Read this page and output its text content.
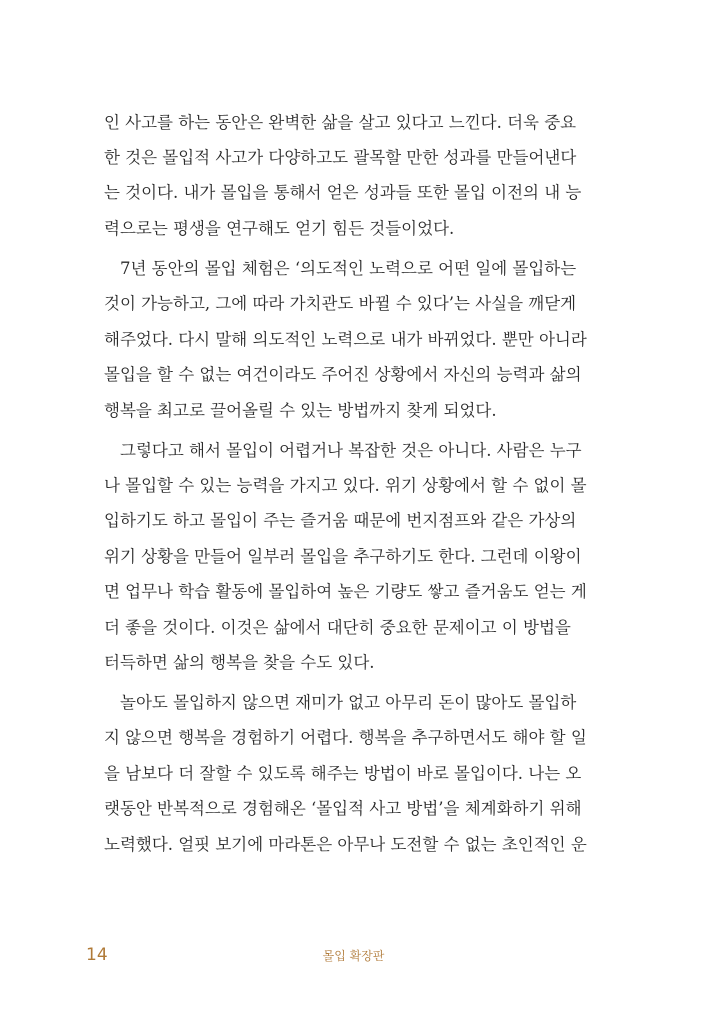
인 사고를 하는 동안은 완벽한 삶을 살고 있다고 느낀다. 더욱 중요
한 것은 몰입적 사고가 다양하고도 괄목할 만한 성과를 만들어낸다
는 것이다. 내가 몰입을 통해서 얻은 성과들 또한 몰입 이전의 내 능
력으로는 평생을 연구해도 얻기 힘든 것들이었다.
7년 동안의 몰입 체험은 ‘의도적인 노력으로 어떤 일에 몰입하는
것이 가능하고, 그에 따라 가치관도 바뀔 수 있다’는 사실을 깨닫게
해주었다. 다시 말해 의도적인 노력으로 내가 바뀌었다. 뿐만 아니라
몰입을 할 수 없는 여건이라도 주어진 상황에서 자신의 능력과 삶의
행복을 최고로 끌어올릴 수 있는 방법까지 찾게 되었다.
그렇다고 해서 몰입이 어렵거나 복잡한 것은 아니다. 사람은 누구
나 몰입할 수 있는 능력을 가지고 있다. 위기 상황에서 할 수 없이 몰
입하기도 하고 몰입이 주는 즐거움 때문에 번지점프와 같은 가상의
위기 상황을 만들어 일부러 몰입을 추구하기도 한다. 그런데 이왕이
면 업무나 학습 활동에 몰입하여 높은 기량도 쌓고 즐거움도 얻는 게
더 좋을 것이다. 이것은 삶에서 대단히 중요한 문제이고 이 방법을
터득하면 삶의 행복을 찾을 수도 있다.
놀아도 몰입하지 않으면 재미가 없고 아무리 돈이 많아도 몰입하
지 않으면 행복을 경험하기 어렵다. 행복을 추구하면서도 해야 할 일
을 남보다 더 잘할 수 있도록 해주는 방법이 바로 몰입이다. 나는 오
랫동안 반복적으로 경험해온 ‘몰입적 사고 방법’을 체계화하기 위해
노력했다. 얼핏 보기에 마라톤은 아무나 도전할 수 없는 초인적인 운
14	몰입 확장판
